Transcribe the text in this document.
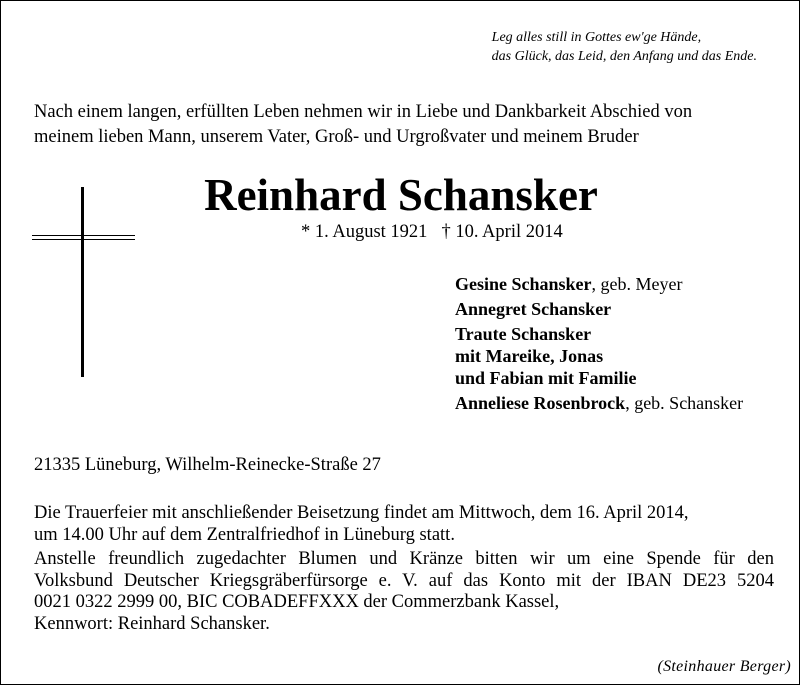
Leg alles still in Gottes ew'ge Hände,
das Glück, das Leid, den Anfang und das Ende.
Nach einem langen, erfüllten Leben nehmen wir in Liebe und Dankbarkeit Abschied von
meinem lieben Mann, unserem Vater, Groß- und Urgroßvater und meinem Bruder
Reinhard Schansker
* 1. August 1921 † 10. April 2014
Gesine Schansker, geb. Meyer
Annegret Schansker
Traute Schansker
mit Mareike, Jonas
und Fabian mit Familie
Anneliese Rosenbrock, geb. Schansker
21335 Lüneburg, Wilhelm-Reinecke-Straße 27
Die Trauerfeier mit anschließender Beisetzung findet am Mittwoch, dem 16. April 2014,
um 14.00 Uhr auf dem Zentralfriedhof in Lüneburg statt.
Anstelle freundlich zugedachter Blumen und Kränze bitten wir um eine Spende für den
Volksbund Deutscher Kriegsgräberfürsorge e. V. auf das Konto mit der IBAN DE23 5204
0021 0322 2999 00, BIC COBADEFFXXX der Commerzbank Kassel,
Kennwort: Reinhard Schansker.
(Steinhauer Berger)
